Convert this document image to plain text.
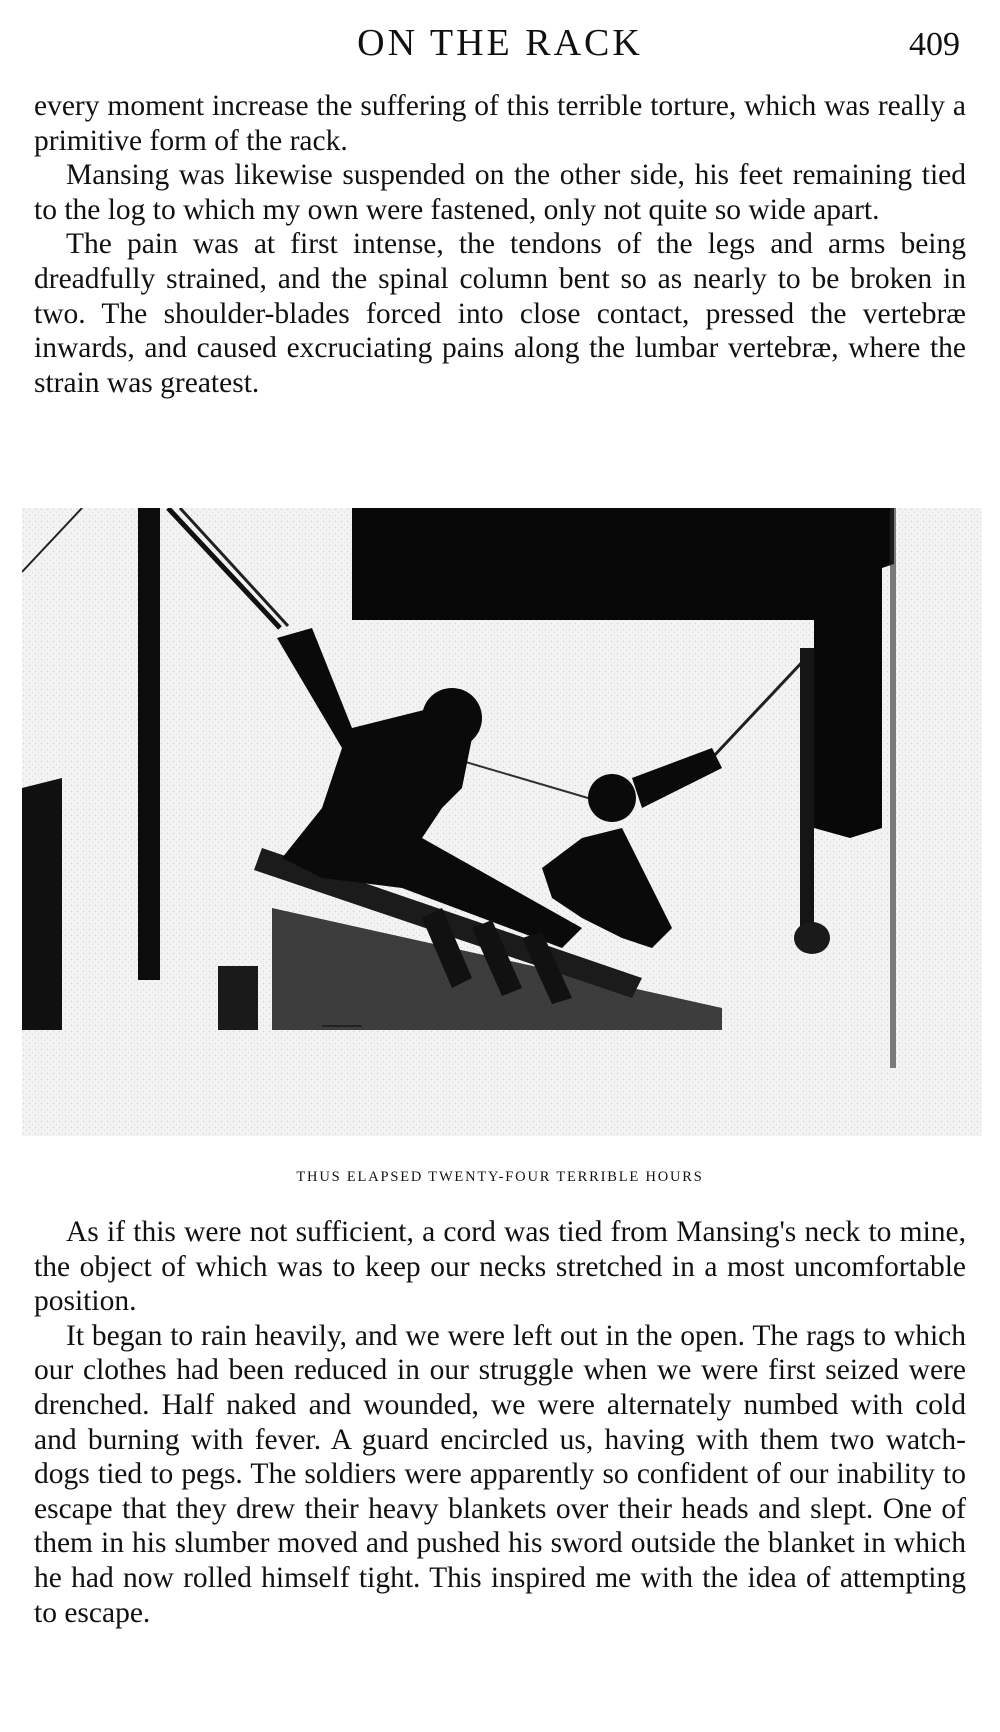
ON THE RACK	409

every moment increase the suffering of this terrible torture, which was really a primitive form of the rack.

Mansing was likewise suspended on the other side, his feet remaining tied to the log to which my own were fastened, only not quite so wide apart.

The pain was at first intense, the tendons of the legs and arms being dreadfully strained, and the spinal column bent so as nearly to be broken in two. The shoulder-blades forced into close contact, pressed the vertebræ inwards, and caused excruciating pains along the lumbar vertebræ, where the strain was greatest.

THUS ELAPSED TWENTY-FOUR TERRIBLE HOURS

As if this were not sufficient, a cord was tied from Mansing's neck to mine, the object of which was to keep our necks stretched in a most uncomfortable position.

It began to rain heavily, and we were left out in the open. The rags to which our clothes had been reduced in our struggle when we were first seized were drenched. Half naked and wounded, we were alternately numbed with cold and burning with fever. A guard encircled us, having with them two watch-dogs tied to pegs. The soldiers were apparently so confident of our inability to escape that they drew their heavy blankets over their heads and slept. One of them in his slumber moved and pushed his sword outside the blanket in which he had now rolled himself tight. This inspired me with the idea of attempting to escape.
